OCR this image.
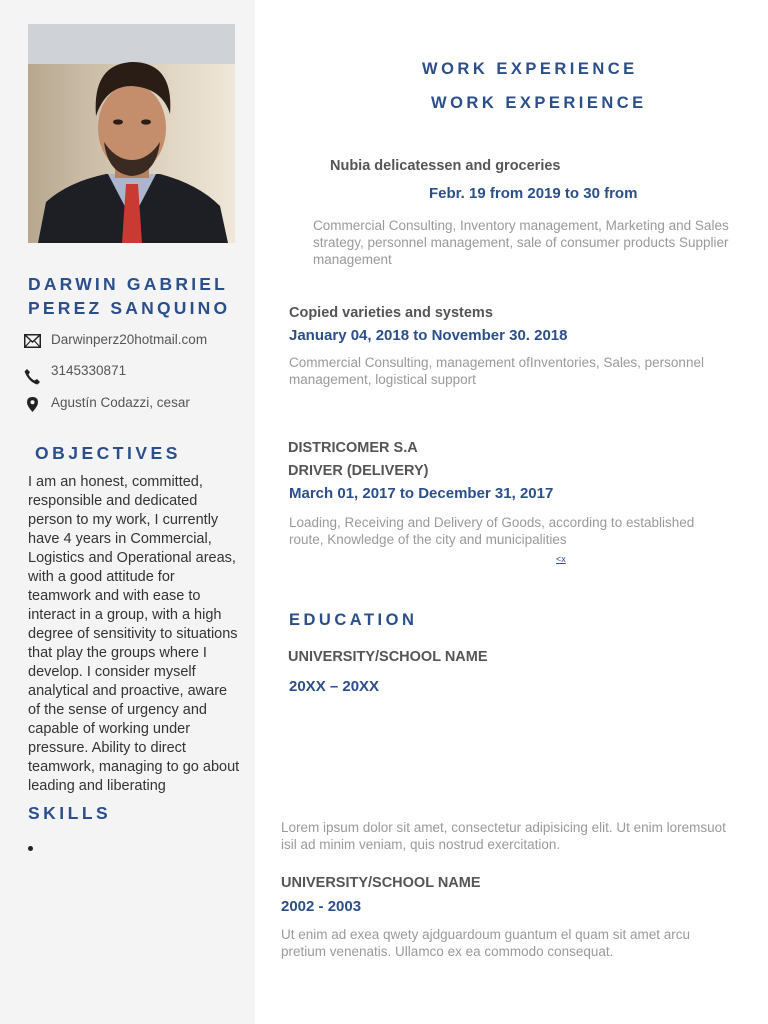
DARWIN GABRIEL
PEREZ SANQUINO
Darwinperz20hotmail.com
3145330871
Agustín Codazzi, cesar
OBJECTIVES
I am an honest, committed, responsible and dedicated person to my work, I currently have 4 years in Commercial, Logistics and Operational areas, with a good attitude for teamwork and with ease to interact in a group, with a high degree of sensitivity to situations that play the groups where I develop. I consider myself analytical and proactive, aware of the sense of urgency and capable of working under pressure. Ability to direct teamwork, managing to go about leading and liberating
SKILLS
WORK EXPERIENCE
WORK EXPERIENCE
Nubia delicatessen and groceries
Febr. 19 from 2019 to 30 from
Commercial Consulting, Inventory management, Marketing and Sales strategy, personnel management, sale of consumer products Supplier management
Copied varieties and systems
January 04, 2018 to November 30. 2018
Commercial Consulting, management ofInventories, Sales, personnel management, logistical support
DISTRICOMER S.A
DRIVER (DELIVERY)
March 01, 2017 to December 31, 2017
Loading, Receiving and Delivery of Goods, according to established route, Knowledge of the city and municipalities
<x
EDUCATION
UNIVERSITY/SCHOOL NAME
20XX – 20XX
Lorem ipsum dolor sit amet, consectetur adipisicing elit. Ut enim loremsuot isil ad minim veniam, quis nostrud exercitation.
UNIVERSITY/SCHOOL NAME
2002 - 2003
Ut enim ad exea qwety ajdguardoum guantum el quam sit amet arcu pretium venenatis. Ullamco ex ea commodo consequat.
